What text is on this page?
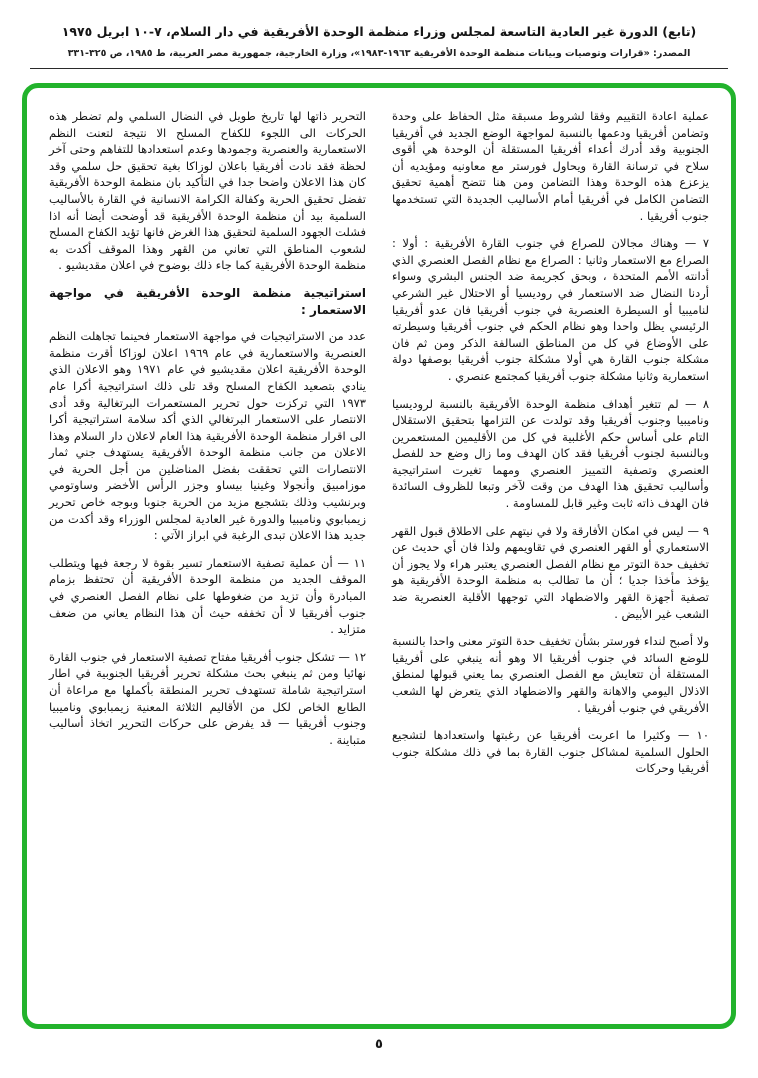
(تابع) الدورة غير العادية التاسعة لمجلس وزراء منظمة الوحدة الأفريقية في دار السلام، ٧-١٠ ابريل ١٩٧٥
المصدر: «قرارات وتوصيات وبيانات منظمة الوحدة الأفريقية ١٩٦٣-١٩٨٣»، وزارة الخارجية، جمهورية مصر العربية، ط ١٩٨٥، ص ٣٢٥-٣٣١

عملية اعادة التقييم وفقا لشروط مسبقة مثل الحفاظ على وحدة وتضامن أفريقيا ودعمها بالنسبة لمواجهة الوضع الجديد في أفريقيا الجنوبية وقد أدرك أعداء أفريقيا المستقلة أن الوحدة هي أقوى سلاح في ترسانة القارة ويحاول فورستر مع معاونيه ومؤيديه أن يزعزع هذه الوحدة وهذا التضامن ومن هنا تتضح أهمية تحقيق التضامن الكامل في أفريقيا أمام الأساليب الجديدة التي تستخدمها جنوب أفريقيا .

٧ — وهناك مجالان للصراع في جنوب القارة الأفريقية : أولا : الصراع مع الاستعمار وثانيا : الصراع مع نظام الفصل العنصري الذي أدانته الأمم المتحدة ، وبحق كجريمة ضد الجنس البشري وسواء أردنا النضال ضد الاستعمار في روديسيا أو الاحتلال غير الشرعي لناميبيا أو السيطرة العنصرية في جنوب أفريقيا فان عدو أفريقيا الرئيسي يظل واحدا وهو نظام الحكم في جنوب أفريقيا وسيطرته على الأوضاع في كل من المناطق السالفة الذكر ومن ثم فان مشكلة جنوب القارة هي أولا مشكلة جنوب أفريقيا بوصفها دولة استعمارية وثانيا مشكلة جنوب أفريقيا كمجتمع عنصري .

٨ — لم تتغير أهداف منظمة الوحدة الأفريقية بالنسبة لروديسيا وناميبيا وجنوب أفريقيا وقد تولدت عن التزامها بتحقيق الاستقلال التام على أساس حكم الأغلبية في كل من الأقليمين المستعمرين وبالنسبة لجنوب أفريقيا فقد كان الهدف وما زال وضع حد للفصل العنصري وتصفية التمييز العنصري ومهما تغيرت استراتيجية وأساليب تحقيق هذا الهدف من وقت لآخر وتبعا للظروف السائدة فان الهدف ذاته ثابت وغير قابل للمساومة .

٩ — ليس في امكان الأفارقة ولا في نيتهم على الاطلاق قبول القهر الاستعماري أو القهر العنصري في تقاويمهم ولذا فان أي حديث عن تخفيف حدة التوتر مع نظام الفصل العنصري يعتبر هراء ولا يجوز أن يؤخذ مأخذا جديا ؛ أن ما تطالب به منظمة الوحدة الأفريقية هو تصفية أجهزة القهر والاضطهاد التي توجهها الأقلية العنصرية ضد الشعب غير الأبيض .

ولا أصبح لنداء فورستر بشأن تخفيف حدة التوتر معنى واحدا بالنسبة للوضع السائد في جنوب أفريقيا الا وهو أنه ينبغي على أفريقيا المستقلة أن تتعايش مع الفصل العنصري بما يعني قبولها لمنطق الاذلال اليومي والاهانة والقهر والاضطهاد الذي يتعرض لها الشعب الأفريقي في جنوب أفريقيا .

١٠ — وكثيرا ما اعربت أفريقيا عن رغبتها واستعدادها لتشجيع الحلول السلمية لمشاكل جنوب القارة بما في ذلك مشكلة جنوب أفريقيا وحركات

التحرير ذاتها لها تاريخ طويل في النضال السلمي ولم تضطر هذه الحركات الى اللجوء للكفاح المسلح الا نتيجة لتعنت النظم الاستعمارية والعنصرية وجمودها وعدم استعدادها للتفاهم وحتى آخر لحظة فقد نادت أفريقيا باعلان لوزاكا بغية تحقيق حل سلمي وقد كان هذا الاعلان واضحا جدا في التأكيد بان منظمة الوحدة الأفريقية تفضل تحقيق الحرية وكفالة الكرامة الانسانية في القارة بالأساليب السلمية بيد أن منظمة الوحدة الأفريقية قد أوضحت أيضا أنه اذا فشلت الجهود السلمية لتحقيق هذا الغرض فانها تؤيد الكفاح المسلح لشعوب المناطق التي تعاني من القهر وهذا الموقف أكدت به منظمة الوحدة الأفريقية كما جاء ذلك بوضوح في اعلان مقديشيو .

استراتيجية منظمة الوحدة الأفريقية في مواجهة الاستعمار :

عدد من الاستراتيجيات في مواجهة الاستعمار فحينما تجاهلت النظم العنصرية والاستعمارية في عام ١٩٦٩ اعلان لوزاكا أقرت منظمة الوحدة الأفريقية اعلان مقديشيو في عام ١٩٧١ وهو الاعلان الذي ينادي بتصعيد الكفاح المسلح وقد تلى ذلك استراتيجية أكرا عام ١٩٧٣ التي تركزت حول تحرير المستعمرات البرتغالية وقد أدى الانتصار على الاستعمار البرتغالي الذي أكد سلامة استراتيجية أكرا الى اقرار منظمة الوحدة الأفريقية هذا العام لاعلان دار السلام وهذا الاعلان من جانب منظمة الوحدة الأفريقية يستهدف جني ثمار الانتصارات التي تحققت بفضل المناضلين من أجل الحرية في موزامبيق وأنجولا وغينيا بيساو وجزر الرأس الأخضر وساوتومي وبرنشيب وذلك بتشجيع مزيد من الحرية جنوبا وبوجه خاص تحرير زيمبابوي وناميبيا والدورة غير العادية لمجلس الوزراء وقد أكدت من جديد هذا الاعلان تبدى الرغبة في ابراز الآتي :

١١ — أن عملية تصفية الاستعمار تسير بقوة لا رجعة فيها ويتطلب الموقف الجديد من منظمة الوحدة الأفريقية أن تحتفظ بزمام المبادرة وأن تزيد من ضغوطها على نظام الفصل العنصري في جنوب أفريقيا لا أن تخففه حيث أن هذا النظام يعاني من ضعف متزايد .

١٢ — تشكل جنوب أفريقيا مفتاح تصفية الاستعمار في جنوب القارة نهائيا ومن ثم ينبغي بحث مشكلة تحرير أفريقيا الجنوبية في اطار استراتيجية شاملة تستهدف تحرير المنطقة بأكملها مع مراعاة أن الطابع الخاص لكل من الأقاليم الثلاثة المعنية زيمبابوي وناميبيا وجنوب أفريقيا — قد يفرض على حركات التحرير اتخاذ أساليب متباينة .

٥
